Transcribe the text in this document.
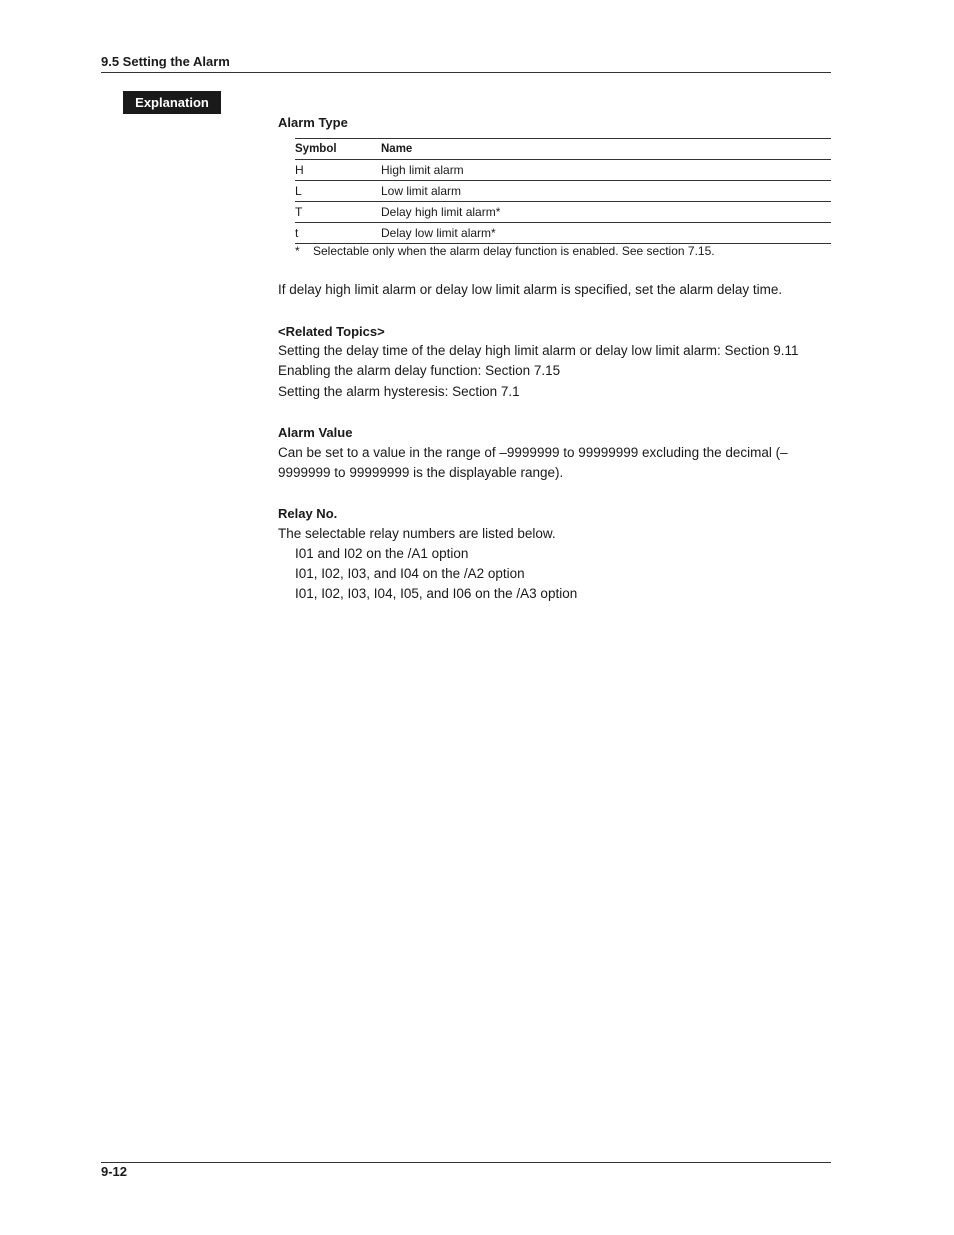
9.5 Setting the Alarm
Explanation
Alarm Type
Symbol	Name
H	High limit alarm
L	Low limit alarm
T	Delay high limit alarm*
t	Delay low limit alarm*
* Selectable only when the alarm delay function is enabled. See section 7.15.
If delay high limit alarm or delay low limit alarm is specified, set the alarm delay time.
<Related Topics>
Setting the delay time of the delay high limit alarm or delay low limit alarm: Section 9.11
Enabling the alarm delay function: Section 7.15
Setting the alarm hysteresis: Section 7.1
Alarm Value
Can be set to a value in the range of –9999999 to 99999999 excluding the decimal (–
9999999 to 99999999 is the displayable range).
Relay No.
The selectable relay numbers are listed below.
I01 and I02 on the /A1 option
I01, I02, I03, and I04 on the /A2 option
I01, I02, I03, I04, I05, and I06 on the /A3 option
9-12
